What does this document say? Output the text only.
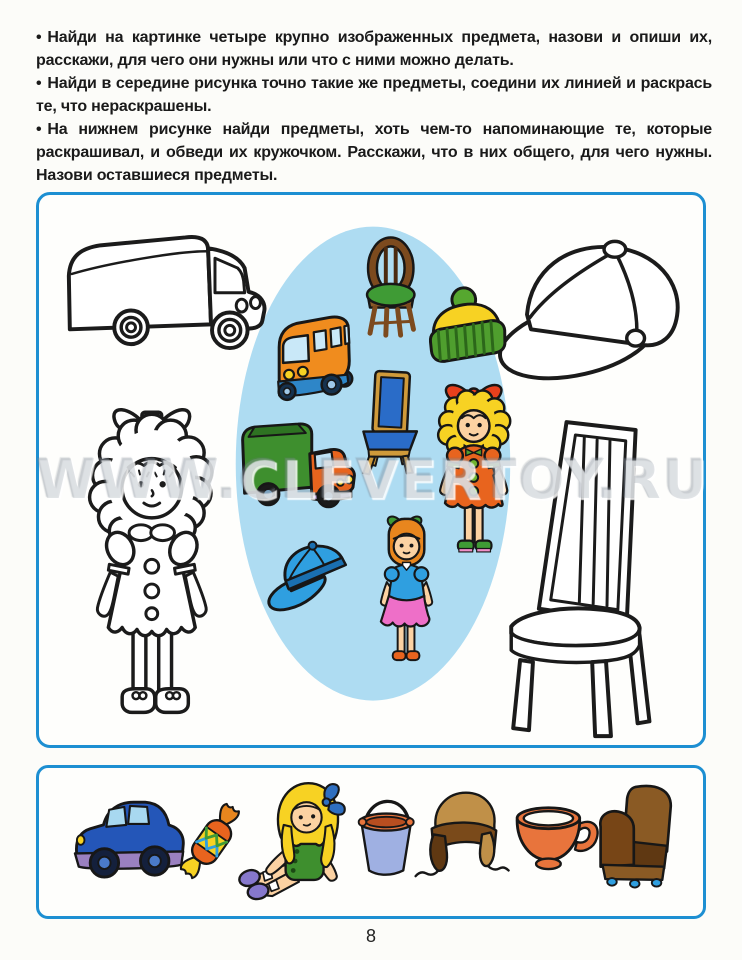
• Найди на картинке четыре крупно изображенных предмета, назови и опиши их, расскажи, для чего они нужны или что с ними можно делать.

• Найди в середине рисунка точно такие же предметы, соедини их линией и раскрась те, что нераскрашены.

• На нижнем рисунке найди предметы, хоть чем-то напоминающие те, которые раскрашивал, и обведи их кружочком. Расскажи, что в них общего, для чего нужны. Назови оставшиеся предметы.

WWW.CLEVERTOY.RU
8
